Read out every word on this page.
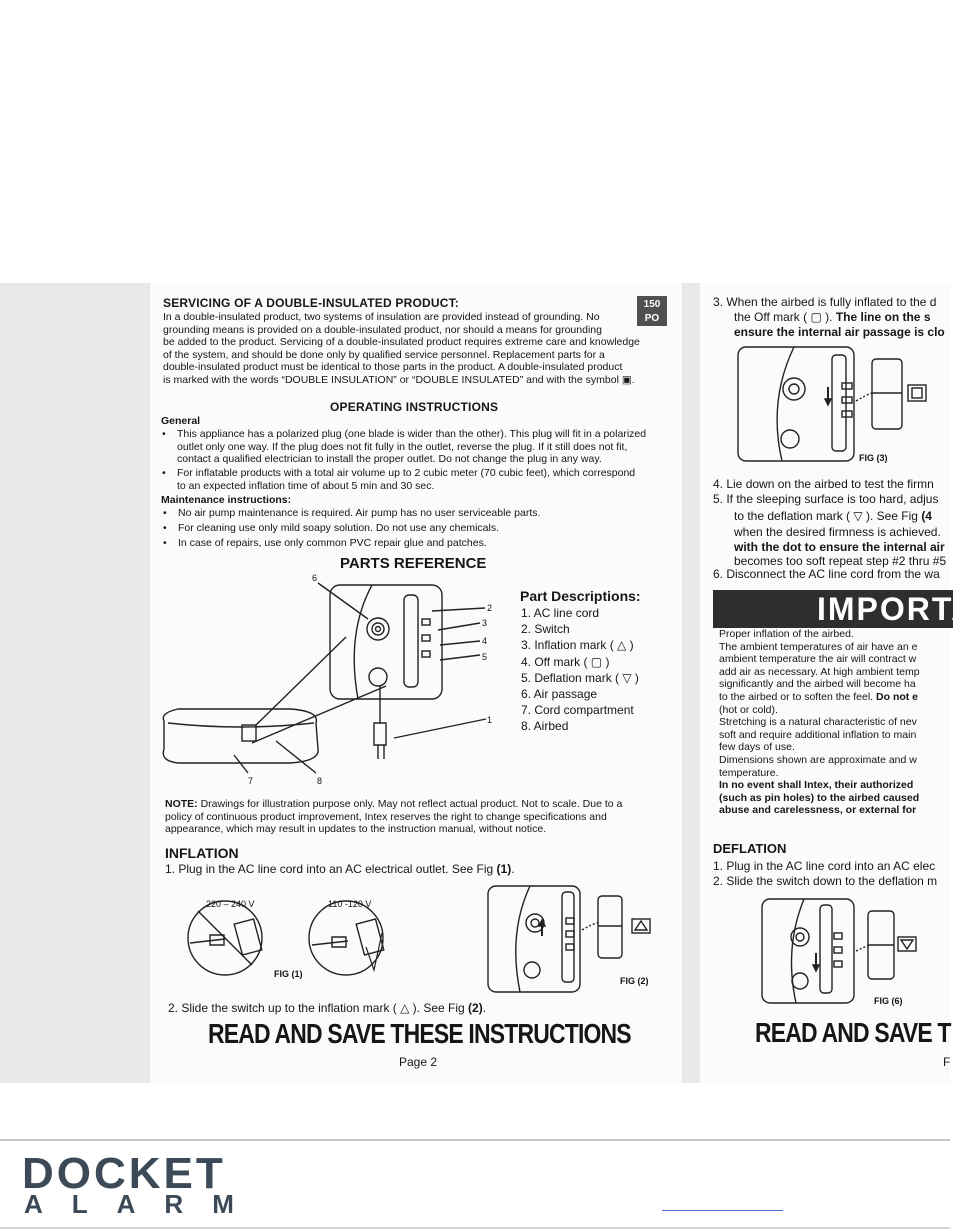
150
PO
SERVICING OF A DOUBLE-INSULATED PRODUCT:
In a double-insulated product, two systems of insulation are provided instead of grounding. No
grounding means is provided on a double-insulated product, nor should a means for grounding
be added to the product. Servicing of a double-insulated product requires extreme care and knowledge
of the system, and should be done only by qualified service personnel. Replacement parts for a
double-insulated product must be identical to those parts in the product. A double-insulated product
is marked with the words “DOUBLE INSULATION” or “DOUBLE INSULATED” and with the symbol ▣.
OPERATING INSTRUCTIONS
General
• This appliance has a polarized plug (one blade is wider than the other). This plug will fit in a polarized
outlet only one way. If the plug does not fit fully in the outlet, reverse the plug. If it still does not fit,
contact a qualified electrician to install the proper outlet. Do not change the plug in any way.
• For inflatable products with a total air volume up to 2 cubic meter (70 cubic feet), which correspond
to an expected inflation time of about 5 min and 30 sec.
Maintenance instructions:
• No air pump maintenance is required. Air pump has no user serviceable parts.
• For cleaning use only mild soapy solution. Do not use any chemicals.
• In case of repairs, use only common PVC repair glue and patches.
PARTS REFERENCE
2
3
4
5
6
1
7	8
Part Descriptions:
1. AC line cord
2. Switch
3. Inflation mark ( △ )
4. Off mark ( ▢ )
5. Deflation mark ( ▽ )
6. Air passage
7. Cord compartment
8. Airbed
NOTE: Drawings for illustration purpose only. May not reflect actual product. Not to scale. Due to a
policy of continuous product improvement, Intex reserves the right to change specifications and
appearance, which may result in updates to the instruction manual, without notice.
INFLATION
1. Plug in the AC line cord into an AC electrical outlet. See Fig (1).
220 – 240 V	110 -120 V
FIG (1)
FIG (2)
2. Slide the switch up to the inflation mark ( △ ). See Fig (2).
READ AND SAVE THESE INSTRUCTIONS
Page 2
3. When the airbed is fully inflated to the d
the Off mark ( ▢ ). The line on the s
ensure the internal air passage is clo
FIG (3)
4. Lie down on the airbed to test the firmn
5. If the sleeping surface is too hard, adjus
to the deflation mark ( ▽ ). See Fig (4
when the desired firmness is achieved.
with the dot to ensure the internal air
becomes too soft repeat step #2 thru #5
6. Disconnect the AC line cord from the wa
IMPORTA
Proper inflation of the airbed.
The ambient temperatures of air have an e
ambient temperature the air will contract w
add air as necessary. At high ambient temp
significantly and the airbed will become ha
to the airbed or to soften the feel. Do not e
(hot or cold).
Stretching is a natural characteristic of nev
soft and require additional inflation to main
few days of use.
Dimensions shown are approximate and w
temperature.
In no event shall Intex, their authorized
(such as pin holes) to the airbed caused
abuse and carelessness, or external for
DEFLATION
1. Plug in the AC line cord into an AC elec
2. Slide the switch down to the deflation m
FIG (6)
READ AND SAVE T
F
DOCKET
ALARM
